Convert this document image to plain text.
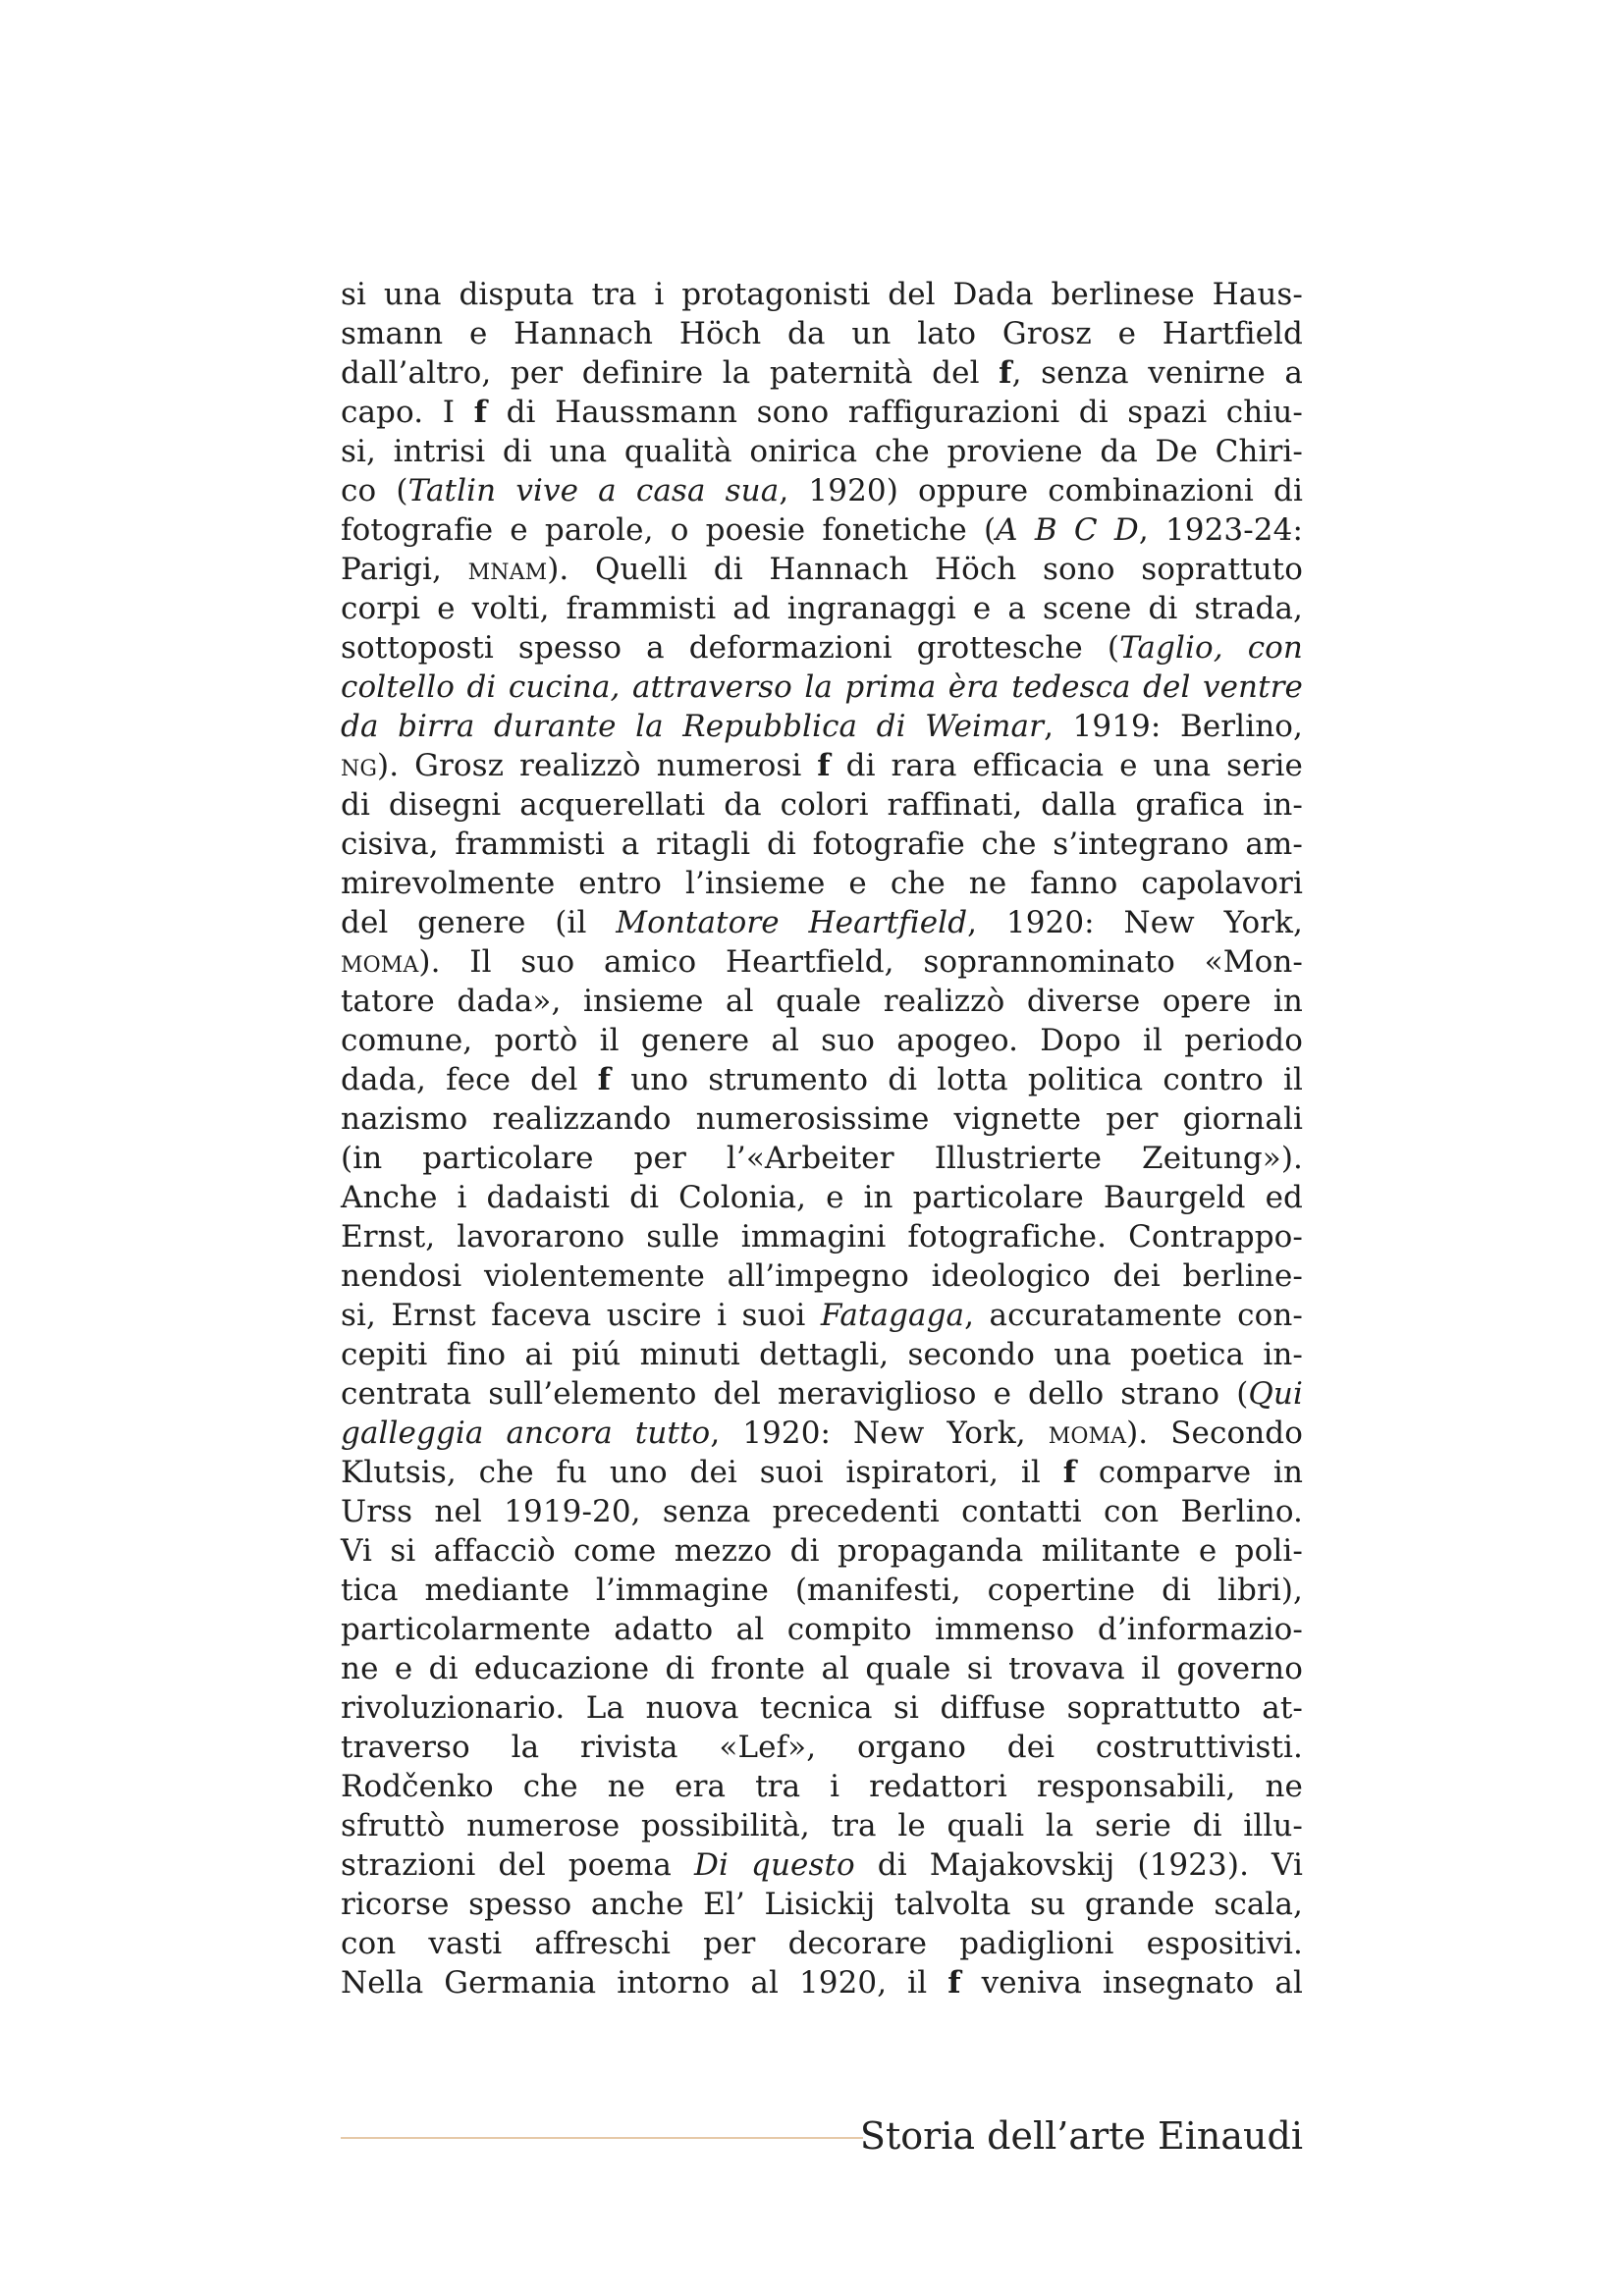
si una disputa tra i protagonisti del Dada berlinese Haus-
smann e Hannach Höch da un lato Grosz e Hartfield
dall’altro, per definire la paternità del f, senza venirne a
capo. I f di Haussmann sono raffigurazioni di spazi chiu-
si, intrisi di una qualità onirica che proviene da De Chiri-
co (Tatlin vive a casa sua, 1920) oppure combinazioni di
fotografie e parole, o poesie fonetiche (A B C D, 1923-24:
Parigi, mnam). Quelli di Hannach Höch sono soprattuto
corpi e volti, frammisti ad ingranaggi e a scene di strada,
sottoposti spesso a deformazioni grottesche (Taglio, con
coltello di cucina, attraverso la prima èra tedesca del ventre
da birra durante la Repubblica di Weimar, 1919: Berlino,
ng). Grosz realizzò numerosi f di rara efficacia e una serie
di disegni acquerellati da colori raffinati, dalla grafica in-
cisiva, frammisti a ritagli di fotografie che s’integrano am-
mirevolmente entro l’insieme e che ne fanno capolavori
del genere (il Montatore Heartfield, 1920: New York,
moma). Il suo amico Heartfield, soprannominato «Mon-
tatore dada», insieme al quale realizzò diverse opere in
comune, portò il genere al suo apogeo. Dopo il periodo
dada, fece del f uno strumento di lotta politica contro il
nazismo realizzando numerosissime vignette per giornali
(in particolare per l’«Arbeiter Illustrierte Zeitung»).
Anche i dadaisti di Colonia, e in particolare Baurgeld ed
Ernst, lavorarono sulle immagini fotografiche. Contrappo-
nendosi violentemente all’impegno ideologico dei berline-
si, Ernst faceva uscire i suoi Fatagaga, accuratamente con-
cepiti fino ai piú minuti dettagli, secondo una poetica in-
centrata sull’elemento del meraviglioso e dello strano (Qui
galleggia ancora tutto, 1920: New York, moma). Secondo
Klutsis, che fu uno dei suoi ispiratori, il f comparve in
Urss nel 1919-20, senza precedenti contatti con Berlino.
Vi si affacciò come mezzo di propaganda militante e poli-
tica mediante l’immagine (manifesti, copertine di libri),
particolarmente adatto al compito immenso d’informazio-
ne e di educazione di fronte al quale si trovava il governo
rivoluzionario. La nuova tecnica si diffuse soprattutto at-
traverso la rivista «Lef», organo dei costruttivisti.
Rodčenko che ne era tra i redattori responsabili, ne
sfruttò numerose possibilità, tra le quali la serie di illu-
strazioni del poema Di questo di Majakovskij (1923). Vi
ricorse spesso anche El’ Lisickij talvolta su grande scala,
con vasti affreschi per decorare padiglioni espositivi.
Nella Germania intorno al 1920, il f veniva insegnato al
Storia dell’arte Einaudi
